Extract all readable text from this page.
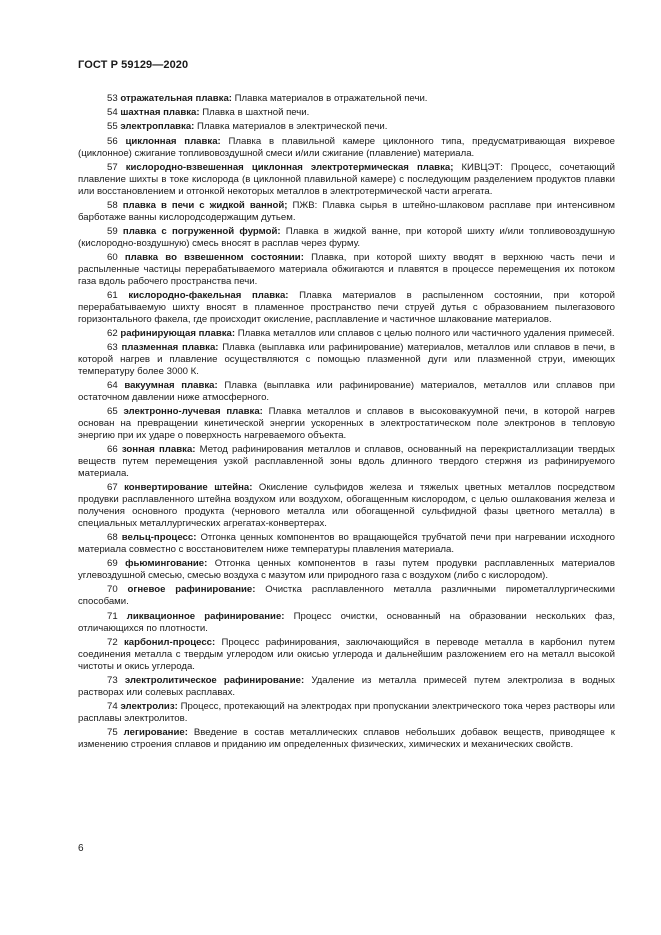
ГОСТ Р 59129—2020

53 отражательная плавка: Плавка материалов в отражательной печи.

54 шахтная плавка: Плавка в шахтной печи.

55 электроплавка: Плавка материалов в электрической печи.

56 циклонная плавка: Плавка в плавильной камере циклонного типа, предусматривающая вихревое (циклонное) сжигание топливовоздушной смеси и/или сжигание (плавление) материала.

57 кислородно-взвешенная циклонная электротермическая плавка; КИВЦЭТ: Процесс, сочетающий плавление шихты в токе кислорода (в циклонной плавильной камере) с последующим разделением продуктов плавки или восстановлением и отгонкой некоторых металлов в электротермической части агрегата.

58 плавка в печи с жидкой ванной; ПЖВ: Плавка сырья в штейно-шлаковом расплаве при интенсивном барботаже ванны кислородсодержащим дутьем.

59 плавка с погруженной фурмой: Плавка в жидкой ванне, при которой шихту и/или топливовоздушную (кислородно-воздушную) смесь вносят в расплав через фурму.

60 плавка во взвешенном состоянии: Плавка, при которой шихту вводят в верхнюю часть печи и распыленные частицы перерабатываемого материала обжигаются и плавятся в процессе перемещения их потоком газа вдоль рабочего пространства печи.

61 кислородно-факельная плавка: Плавка материалов в распыленном состоянии, при которой перерабатываемую шихту вносят в пламенное пространство печи струей дутья с образованием пылегазового горизонтального факела, где происходит окисление, расплавление и частичное шлакование материалов.

62 рафинирующая плавка: Плавка металлов или сплавов с целью полного или частичного удаления примесей.

63 плазменная плавка: Плавка (выплавка или рафинирование) материалов, металлов или сплавов в печи, в которой нагрев и плавление осуществляются с помощью плазменной дуги или плазменной струи, имеющих температуру более 3000 К.

64 вакуумная плавка: Плавка (выплавка или рафинирование) материалов, металлов или сплавов при остаточном давлении ниже атмосферного.

65 электронно-лучевая плавка: Плавка металлов и сплавов в высоковакуумной печи, в которой нагрев основан на превращении кинетической энергии ускоренных в электростатическом поле электронов в тепловую энергию при их ударе о поверхность нагреваемого объекта.

66 зонная плавка: Метод рафинирования металлов и сплавов, основанный на перекристаллизации твердых веществ путем перемещения узкой расплавленной зоны вдоль длинного твердого стержня из рафинируемого материала.

67 конвертирование штейна: Окисление сульфидов железа и тяжелых цветных металлов посредством продувки расплавленного штейна воздухом или воздухом, обогащенным кислородом, с целью ошлакования железа и получения основного продукта (чернового металла или обогащенной сульфидной фазы цветного металла) в специальных металлургических агрегатах-конвертерах.

68 вельц-процесс: Отгонка ценных компонентов во вращающейся трубчатой печи при нагревании исходного материала совместно с восстановителем ниже температуры плавления материала.

69 фьюмингование: Отгонка ценных компонентов в газы путем продувки расплавленных материалов углевоздушной смесью, смесью воздуха с мазутом или природного газа с воздухом (либо с кислородом).

70 огневое рафинирование: Очистка расплавленного металла различными пирометаллургическими способами.

71 ликвационное рафинирование: Процесс очистки, основанный на образовании нескольких фаз, отличающихся по плотности.

72 карбонил-процесс: Процесс рафинирования, заключающийся в переводе металла в карбонил путем соединения металла с твердым углеродом или окисью углерода и дальнейшим разложением его на металл высокой чистоты и окись углерода.

73 электролитическое рафинирование: Удаление из металла примесей путем электролиза в водных растворах или солевых расплавах.

74 электролиз: Процесс, протекающий на электродах при пропускании электрического тока через растворы или расплавы электролитов.

75 легирование: Введение в состав металлических сплавов небольших добавок веществ, приводящее к изменению строения сплавов и приданию им определенных физических, химических и механических свойств.

6
